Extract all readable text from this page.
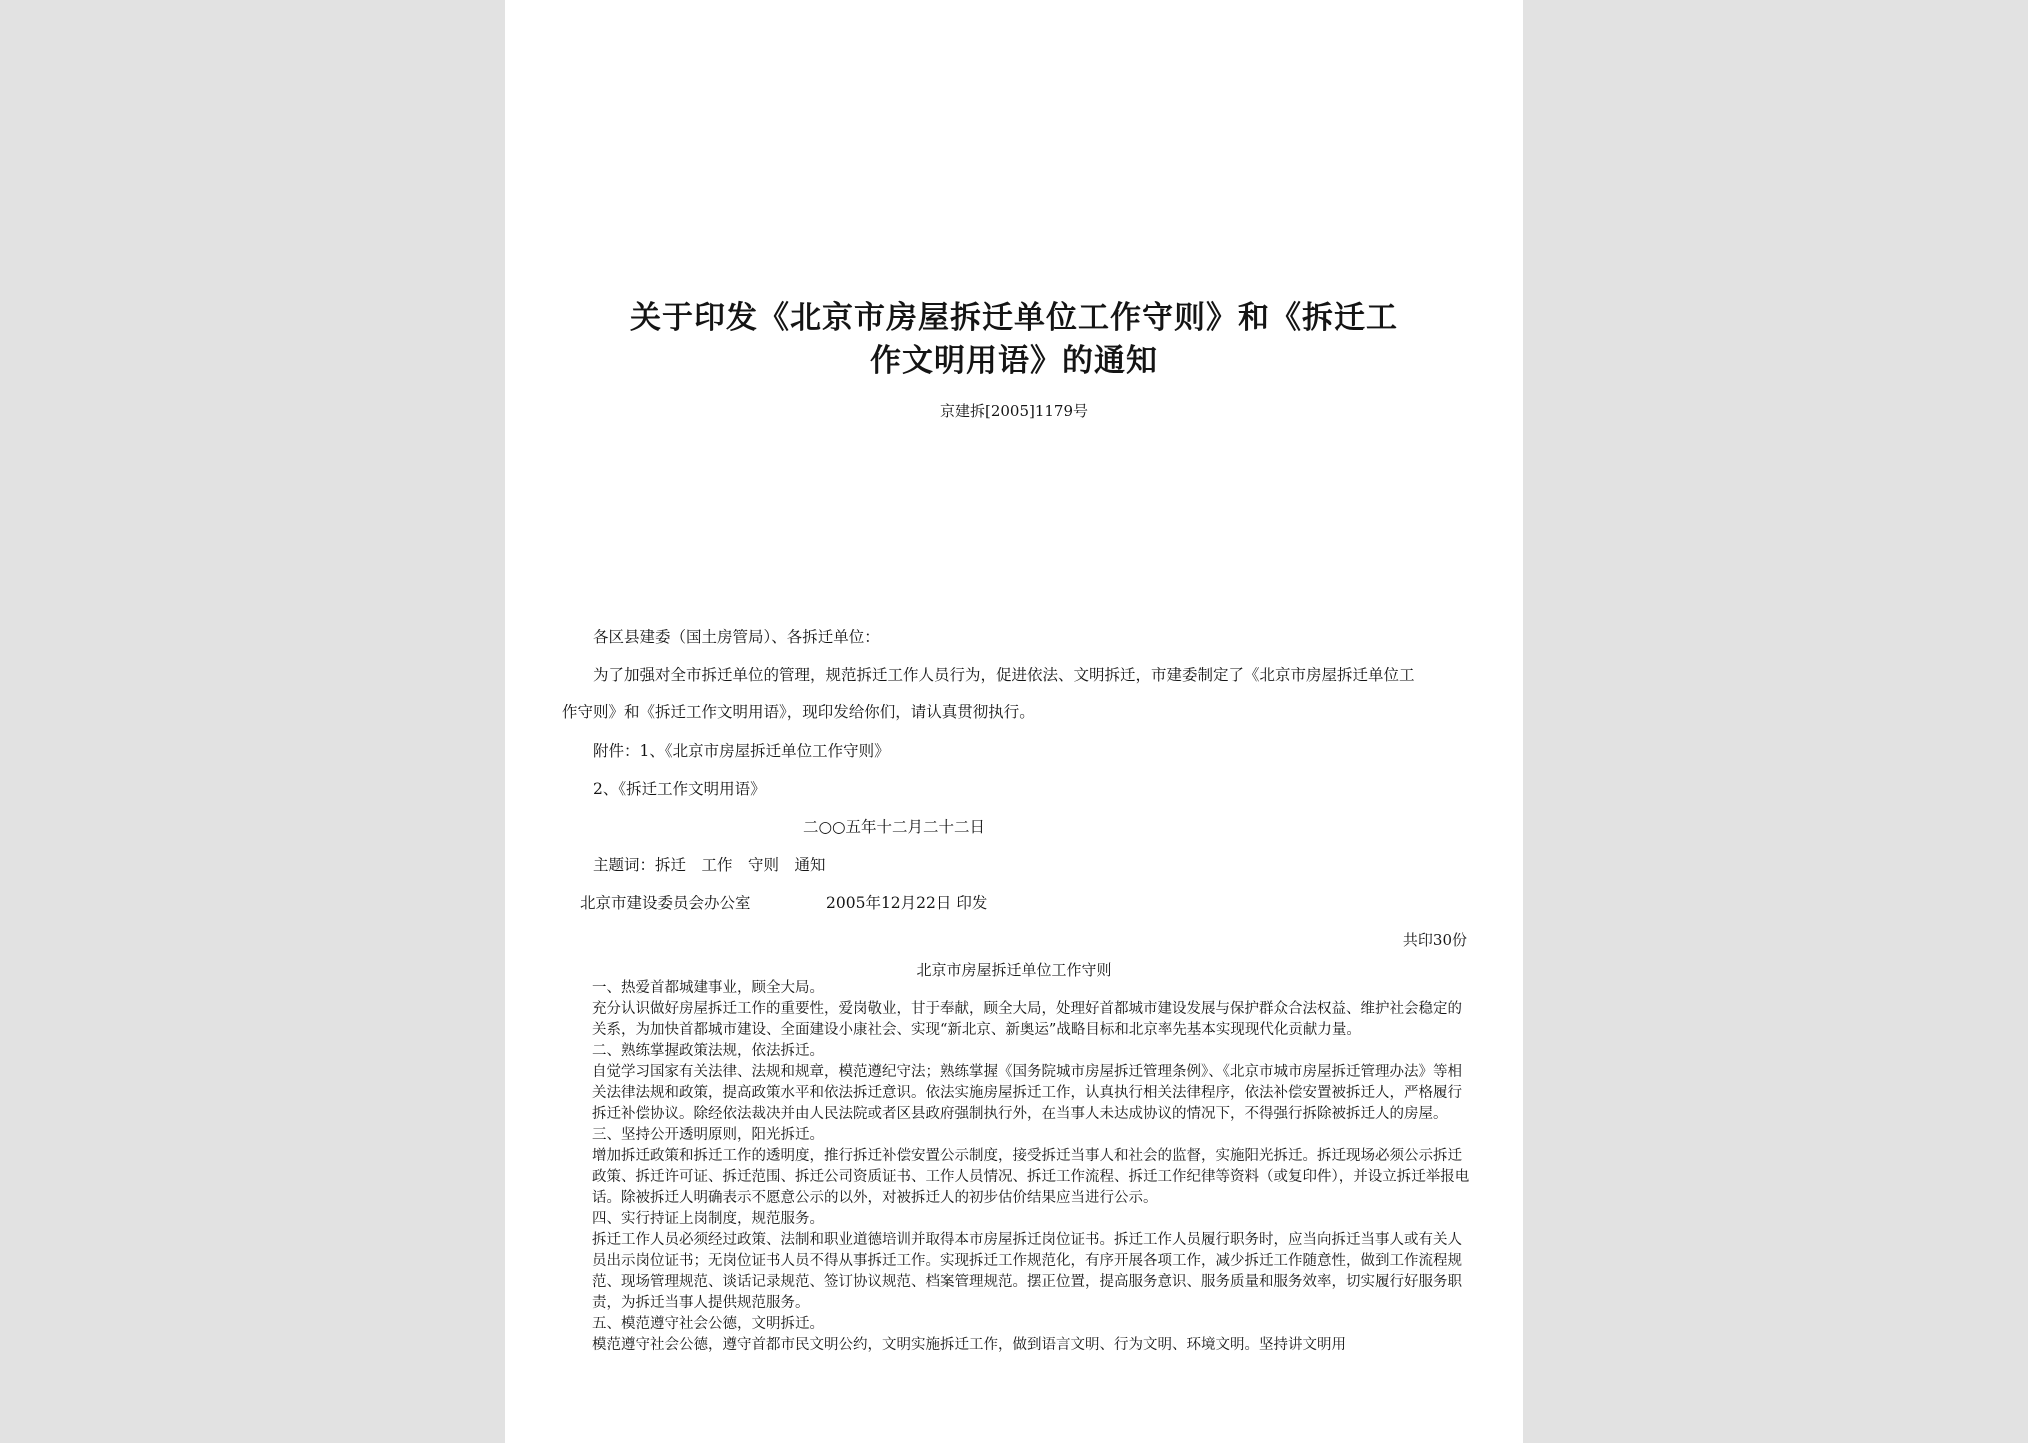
关于印发《北京市房屋拆迁单位工作守则》和《拆迁工
作文明用语》的通知
京建拆[2005]1179号
各区县建委（国土房管局）、各拆迁单位：
为了加强对全市拆迁单位的管理，规范拆迁工作人员行为，促进依法、文明拆迁，市建委制定了《北京市房屋拆迁单位工
作守则》和《拆迁工作文明用语》，现印发给你们，请认真贯彻执行。
附件：1、《北京市房屋拆迁单位工作守则》
2、《拆迁工作文明用语》
二○○五年十二月二十二日
主题词：拆迁　工作　守则　通知
北京市建设委员会办公室	2005年12月22日 印发
共印30份
北京市房屋拆迁单位工作守则
一、热爱首都城建事业，顾全大局。
充分认识做好房屋拆迁工作的重要性，爱岗敬业，甘于奉献，顾全大局，处理好首都城市建设发展与保护群众合法权益、维护社会稳定的关系，为加快首都城市建设、全面建设小康社会、实现“新北京、新奥运”战略目标和北京率先基本实现现代化贡献力量。
二、熟练掌握政策法规，依法拆迁。
自觉学习国家有关法律、法规和规章，模范遵纪守法；熟练掌握《国务院城市房屋拆迁管理条例》、《北京市城市房屋拆迁管理办法》等相关法律法规和政策，提高政策水平和依法拆迁意识。依法实施房屋拆迁工作，认真执行相关法律程序，依法补偿安置被拆迁人，严格履行拆迁补偿协议。除经依法裁决并由人民法院或者区县政府强制执行外，在当事人未达成协议的情况下，不得强行拆除被拆迁人的房屋。
三、坚持公开透明原则，阳光拆迁。
增加拆迁政策和拆迁工作的透明度，推行拆迁补偿安置公示制度，接受拆迁当事人和社会的监督，实施阳光拆迁。拆迁现场必须公示拆迁政策、拆迁许可证、拆迁范围、拆迁公司资质证书、工作人员情况、拆迁工作流程、拆迁工作纪律等资料（或复印件），并设立拆迁举报电话。除被拆迁人明确表示不愿意公示的以外，对被拆迁人的初步估价结果应当进行公示。
四、实行持证上岗制度，规范服务。
拆迁工作人员必须经过政策、法制和职业道德培训并取得本市房屋拆迁岗位证书。拆迁工作人员履行职务时，应当向拆迁当事人或有关人员出示岗位证书；无岗位证书人员不得从事拆迁工作。实现拆迁工作规范化，有序开展各项工作，减少拆迁工作随意性，做到工作流程规范、现场管理规范、谈话记录规范、签订协议规范、档案管理规范。摆正位置，提高服务意识、服务质量和服务效率，切实履行好服务职责，为拆迁当事人提供规范服务。
五、模范遵守社会公德，文明拆迁。
模范遵守社会公德，遵守首都市民文明公约，文明实施拆迁工作，做到语言文明、行为文明、环境文明。坚持讲文明用
